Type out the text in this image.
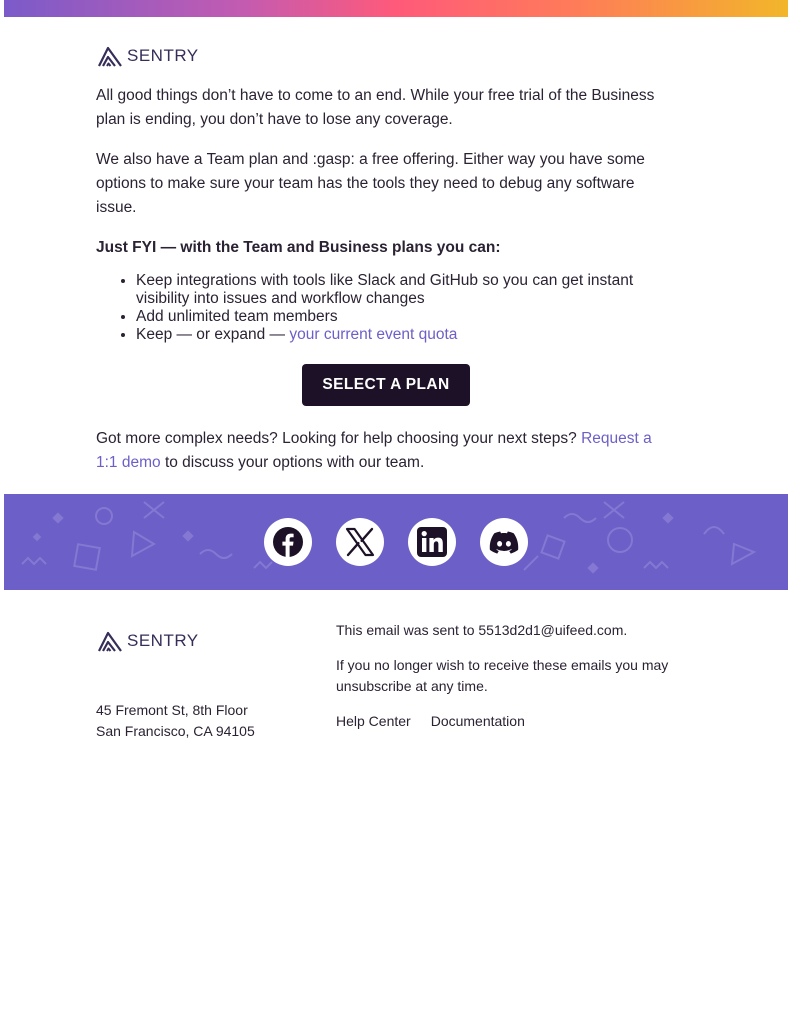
SENTRY

All good things don’t have to come to an end. While your free trial of the Business plan is ending, you don’t have to lose any coverage.

We also have a Team plan and :gasp: a free offering. Either way you have some options to make sure your team has the tools they need to debug any software issue.

Just FYI — with the Team and Business plans you can:

• Keep integrations with tools like Slack and GitHub so you can get instant visibility into issues and workflow changes
• Add unlimited team members
• Keep — or expand — your current event quota
SELECT A PLAN

Got more complex needs? Looking for help choosing your next steps? Request a 1:1 demo to discuss your options with our team.

SENTRY
45 Fremont St, 8th Floor
San Francisco, CA 94105

This email was sent to 5513d2d1@uifeed.com.

If you no longer wish to receive these emails you may unsubscribe at any time.

Help Center Documentation
